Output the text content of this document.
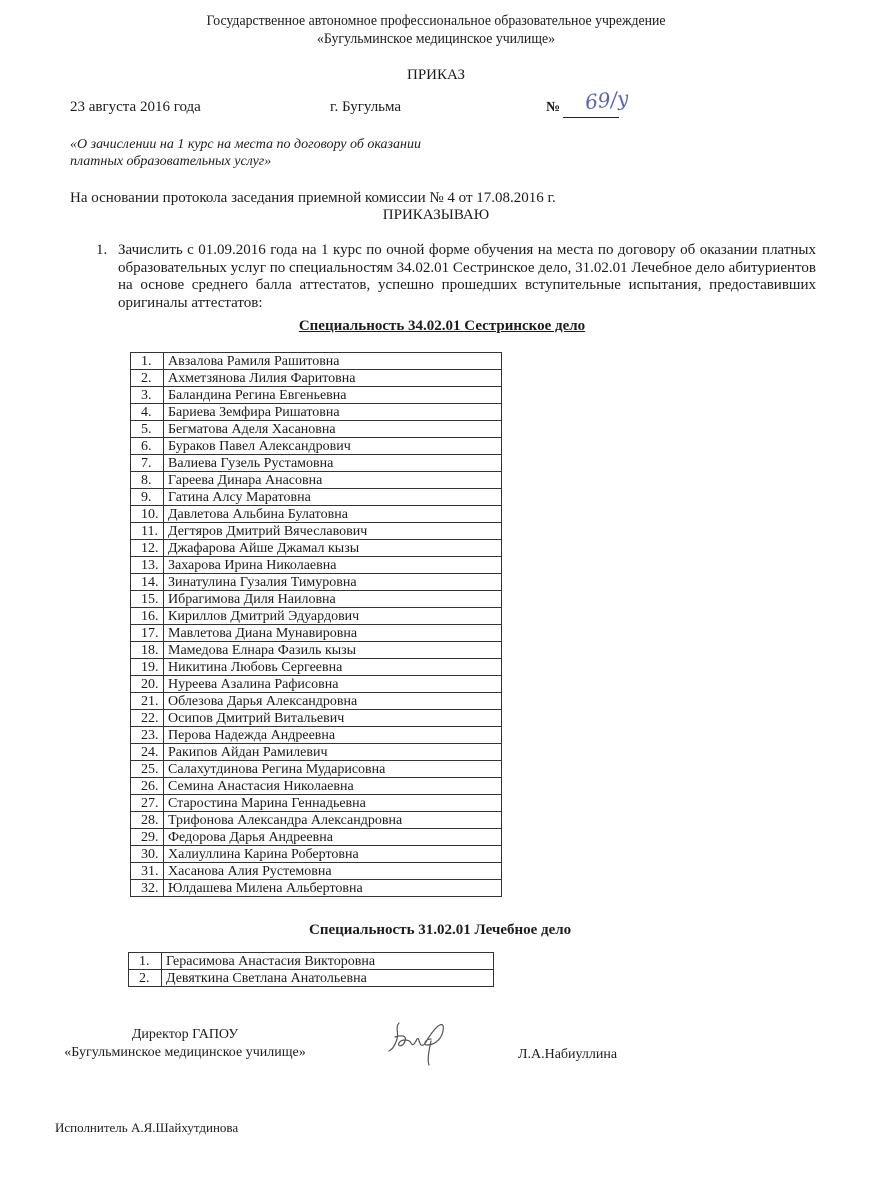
Государственное автономное профессиональное образовательное учреждение
«Бугульминское медицинское училище»
ПРИКАЗ
23 августа 2016 года	г. Бугульма	№ 69/у
«О зачислении на 1 курс на места по договору об оказании
платных образовательных услуг»
На основании протокола заседания приемной комиссии № 4 от 17.08.2016 г.
ПРИКАЗЫВАЮ
1. Зачислить с 01.09.2016 года на 1 курс по очной форме обучения на места по договору об оказании платных образовательных услуг по специальностям 34.02.01 Сестринское дело, 31.02.01 Лечебное дело абитуриентов на основе среднего балла аттестатов, успешно прошедших вступительные испытания, предоставивших оригиналы аттестатов:
Специальность 34.02.01 Сестринское дело
1.	Авзалова Рамиля Рашитовна
2.	Ахметзянова Лилия Фаритовна
3.	Баландина Регина Евгеньевна
4.	Бариева Земфира Ришатовна
5.	Бегматова Аделя Хасановна
6.	Бураков Павел Александрович
7.	Валиева Гузель Рустамовна
8.	Гареева Динара Анасовна
9.	Гатина Алсу Маратовна
10.	Давлетова Альбина Булатовна
11.	Дегтяров Дмитрий Вячеславович
12.	Джафарова Айше Джамал кызы
13.	Захарова Ирина Николаевна
14.	Зинатулина Гузалия Тимуровна
15.	Ибрагимова Диля Наиловна
16.	Кириллов Дмитрий Эдуардович
17.	Мавлетова Диана Мунавировна
18.	Мамедова Елнара Фазиль кызы
19.	Никитина Любовь Сергеевна
20.	Нуреева Азалина Рафисовна
21.	Облезова Дарья Александровна
22.	Осипов Дмитрий Витальевич
23.	Перова Надежда Андреевна
24.	Ракипов Айдан Рамилевич
25.	Салахутдинова Регина Мударисовна
26.	Семина Анастасия Николаевна
27.	Старостина Марина Геннадьевна
28.	Трифонова Александра Александровна
29.	Федорова Дарья Андреевна
30.	Халиуллина Карина Робертовна
31.	Хасанова Алия Рустемовна
32.	Юлдашева Милена Альбертовна
Специальность 31.02.01 Лечебное дело
1.	Герасимова Анастасия Викторовна
2.	Девяткина Светлана Анатольевна
Директор ГАПОУ
«Бугульминское медицинское училище»	Л.А.Набиуллина
Исполнитель А.Я.Шайхутдинова
